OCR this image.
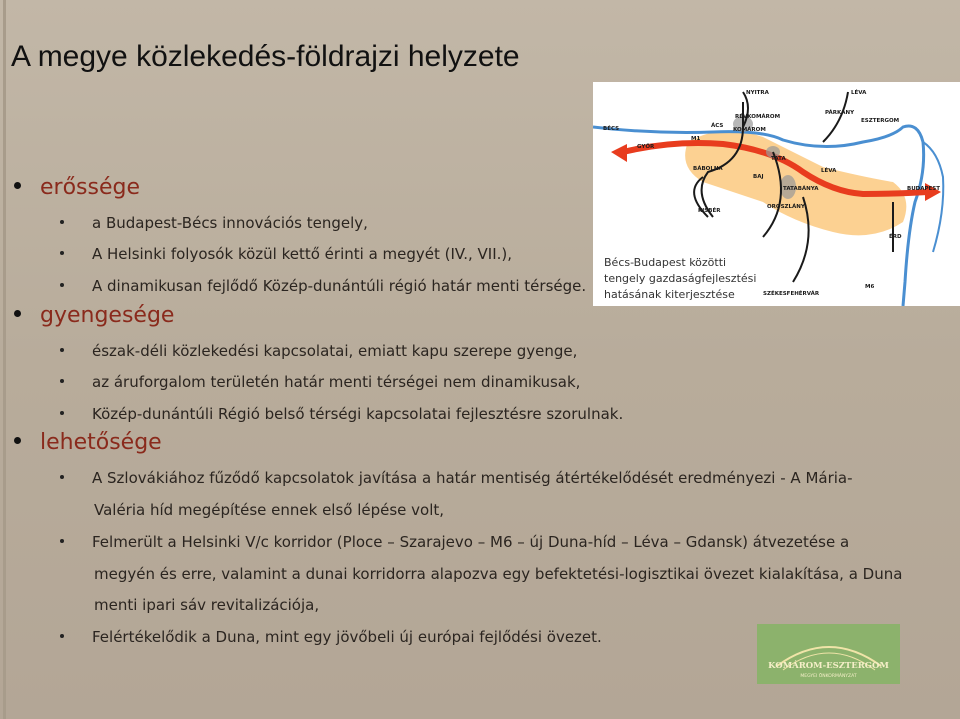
A megye közlekedés-földrajzi helyzete
erőssége
a Budapest-Bécs innovációs tengely,
A Helsinki folyosók közül kettő érinti a megyét (IV., VII.),
A dinamikusan fejlődő Közép-dunántúli régió határ menti térsége.
gyengesége
észak-déli közlekedési kapcsolatai, emiatt kapu szerepe gyenge,
az áruforgalom területén határ menti térségei nem dinamikusak,
Közép-dunántúli Régió belső térségi kapcsolatai fejlesztésre szorulnak.
lehetősége
A Szlovákiához fűződő kapcsolatok javítása a határ mentiség átértékelődését eredményezi - A Mária-
Valéria híd megépítése ennek első lépése volt,
Felmerült a Helsinki V/c korridor (Ploce – Szarajevo – M6 – új Duna-híd – Léva – Gdansk) átvezetése a
megyén és erre, valamint a dunai korridorra alapozva egy befektetési-logisztikai övezet kialakítása, a Duna
menti ipari sáv revitalizációja,
Felértékelődik a Duna, mint egy jövőbeli új európai fejlődési övezet.
NYITRA	LÉVA
PÁRKÁNY
ESZTERGOM
RÉVKOMÁROM
KOMÁROM
M1
ÁCS
BÉCS
GYŐR
TATA
BÁBOLNA
BAJ
TATABÁNYA
LÉVA
BUDAPEST
KISBÉR
OROSZLÁNY
ÉRD
SZÉKESFEHÉRVÁR
M6
Bécs-Budapest közötti
tengely gazdaságfejlesztési
hatásának kiterjesztése
KOMÁROM-ESZTERGOM
MEGYEI ÖNKORMÁNYZAT
